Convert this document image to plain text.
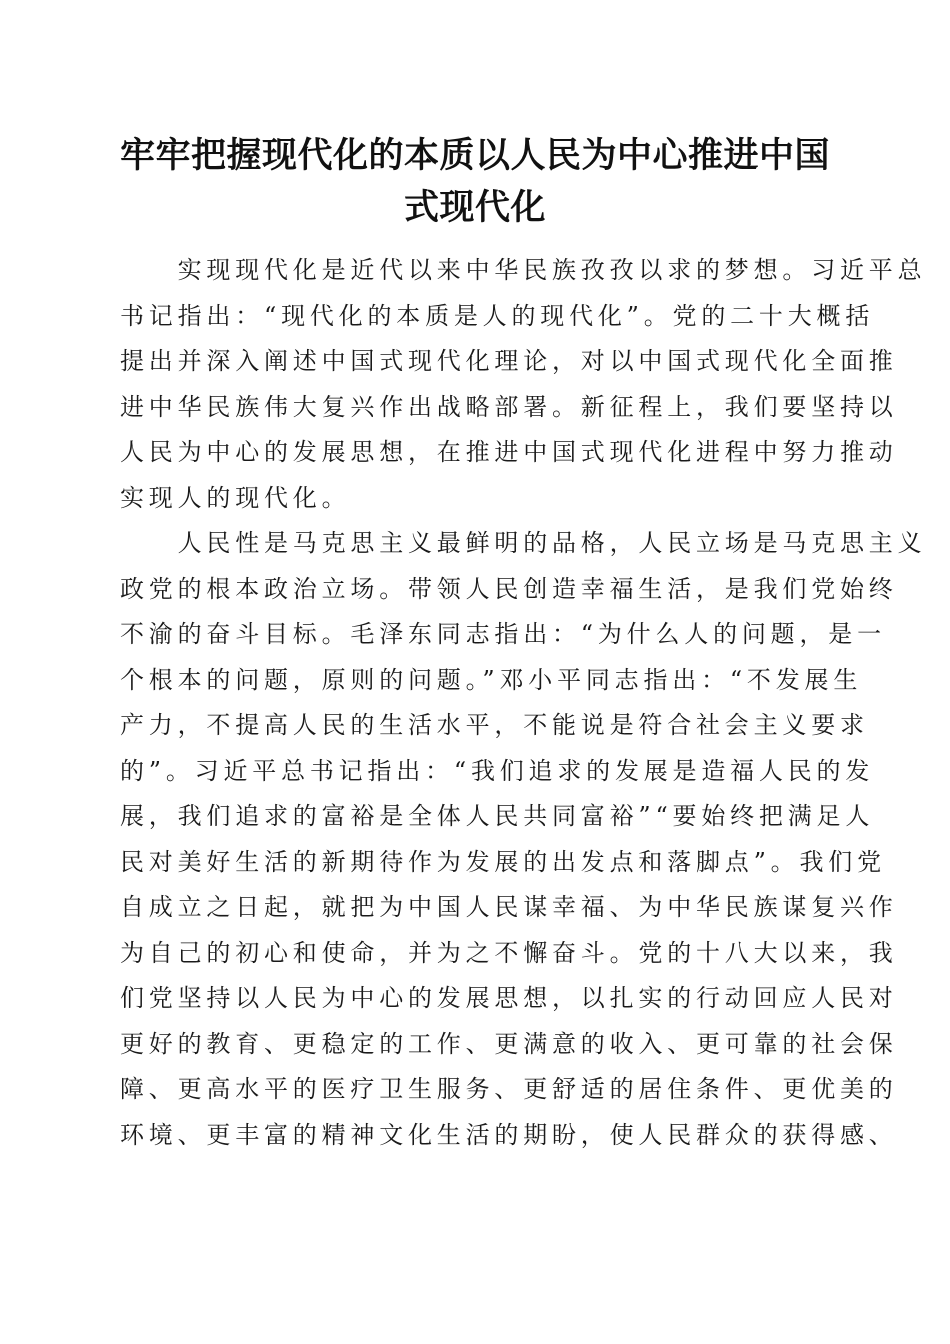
牢牢把握现代化的本质以人民为中心推进中国
式现代化

　　实现现代化是近代以来中华民族孜孜以求的梦想。习近平总
书记指出：“现代化的本质是人的现代化”。党的二十大概括
提出并深入阐述中国式现代化理论，对以中国式现代化全面推
进中华民族伟大复兴作出战略部署。新征程上，我们要坚持以
人民为中心的发展思想，在推进中国式现代化进程中努力推动
实现人的现代化。

　　人民性是马克思主义最鲜明的品格，人民立场是马克思主义
政党的根本政治立场。带领人民创造幸福生活，是我们党始终
不渝的奋斗目标。毛泽东同志指出：“为什么人的问题，是一
个根本的问题，原则的问题。”邓小平同志指出：“不发展生
产力，不提高人民的生活水平，不能说是符合社会主义要求
的”。习近平总书记指出：“我们追求的发展是造福人民的发
展，我们追求的富裕是全体人民共同富裕”“要始终把满足人
民对美好生活的新期待作为发展的出发点和落脚点”。我们党
自成立之日起，就把为中国人民谋幸福、为中华民族谋复兴作
为自己的初心和使命，并为之不懈奋斗。党的十八大以来，我
们党坚持以人民为中心的发展思想，以扎实的行动回应人民对
更好的教育、更稳定的工作、更满意的收入、更可靠的社会保
障、更高水平的医疗卫生服务、更舒适的居住条件、更优美的
环境、更丰富的精神文化生活的期盼，使人民群众的获得感、
